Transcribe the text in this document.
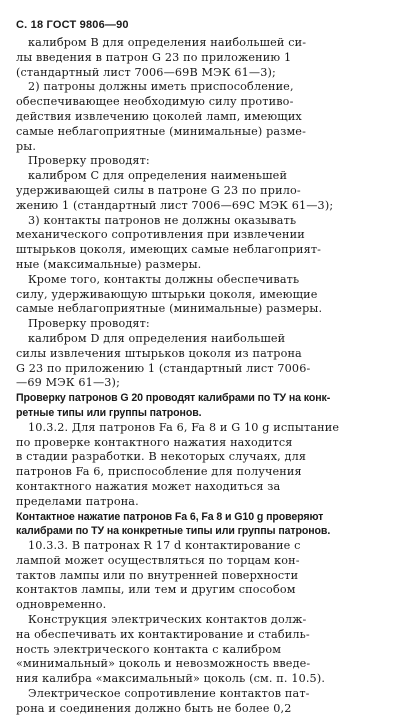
С. 18 ГОСТ 9806—90
калибром В для определения наибольшей си-
лы введения в патрон G 23 по приложению 1
(стандартный лист 7006—69В МЭК 61—3);
2) патроны должны иметь приспособление,
обеспечивающее необходимую силу противо-
действия извлечению цоколей ламп, имеющих
самые неблагоприятные (минимальные) разме-
ры.
Проверку проводят:
калибром С для определения наименьшей
удерживающей силы в патроне G 23 по прило-
жению 1 (стандартный лист 7006—69С МЭК 61—3);
3) контакты патронов не должны оказывать
механического сопротивления при извлечении
штырьков цоколя, имеющих самые неблагоприят-
ные (максимальные) размеры.
Кроме того, контакты должны обеспечивать
силу, удерживающую штырьки цоколя, имеющие
самые неблагоприятные (минимальные) размеры.
Проверку проводят:
калибром D для определения наибольшей
силы извлечения штырьков цоколя из патрона
G 23 по приложению 1 (стандартный лист 7006-
—69 МЭК 61—3);
Проверку патронов G 20 проводят калибрами по ТУ на конк-
ретные типы или группы патронов.
10.3.2. Для патронов Fa 6, Fa 8 и G 10 g испытание
по проверке контактного нажатия находится
в стадии разработки. В некоторых случаях, для
патронов Fa 6, приспособление для получения
контактного нажатия может находиться за
пределами патрона.
Контактное нажатие патронов Fa 6, Fa 8 и G10 g проверяют
калибрами по ТУ на конкретные типы или группы патронов.
10.3.3. В патронах R 17 d контактирование с
лампой может осуществляться по торцам кон-
тактов лампы или по внутренней поверхности
контактов лампы, или тем и другим способом
одновременно.
Конструкция электрических контактов долж-
на обеспечивать их контактирование и стабиль-
ность электрического контакта с калибром
«минимальный» цоколь и невозможность введе-
ния калибра «максимальный» цоколь (см. п. 10.5).
Электрическое сопротивление контактов пат-
рона и соединения должно быть не более 0,2
